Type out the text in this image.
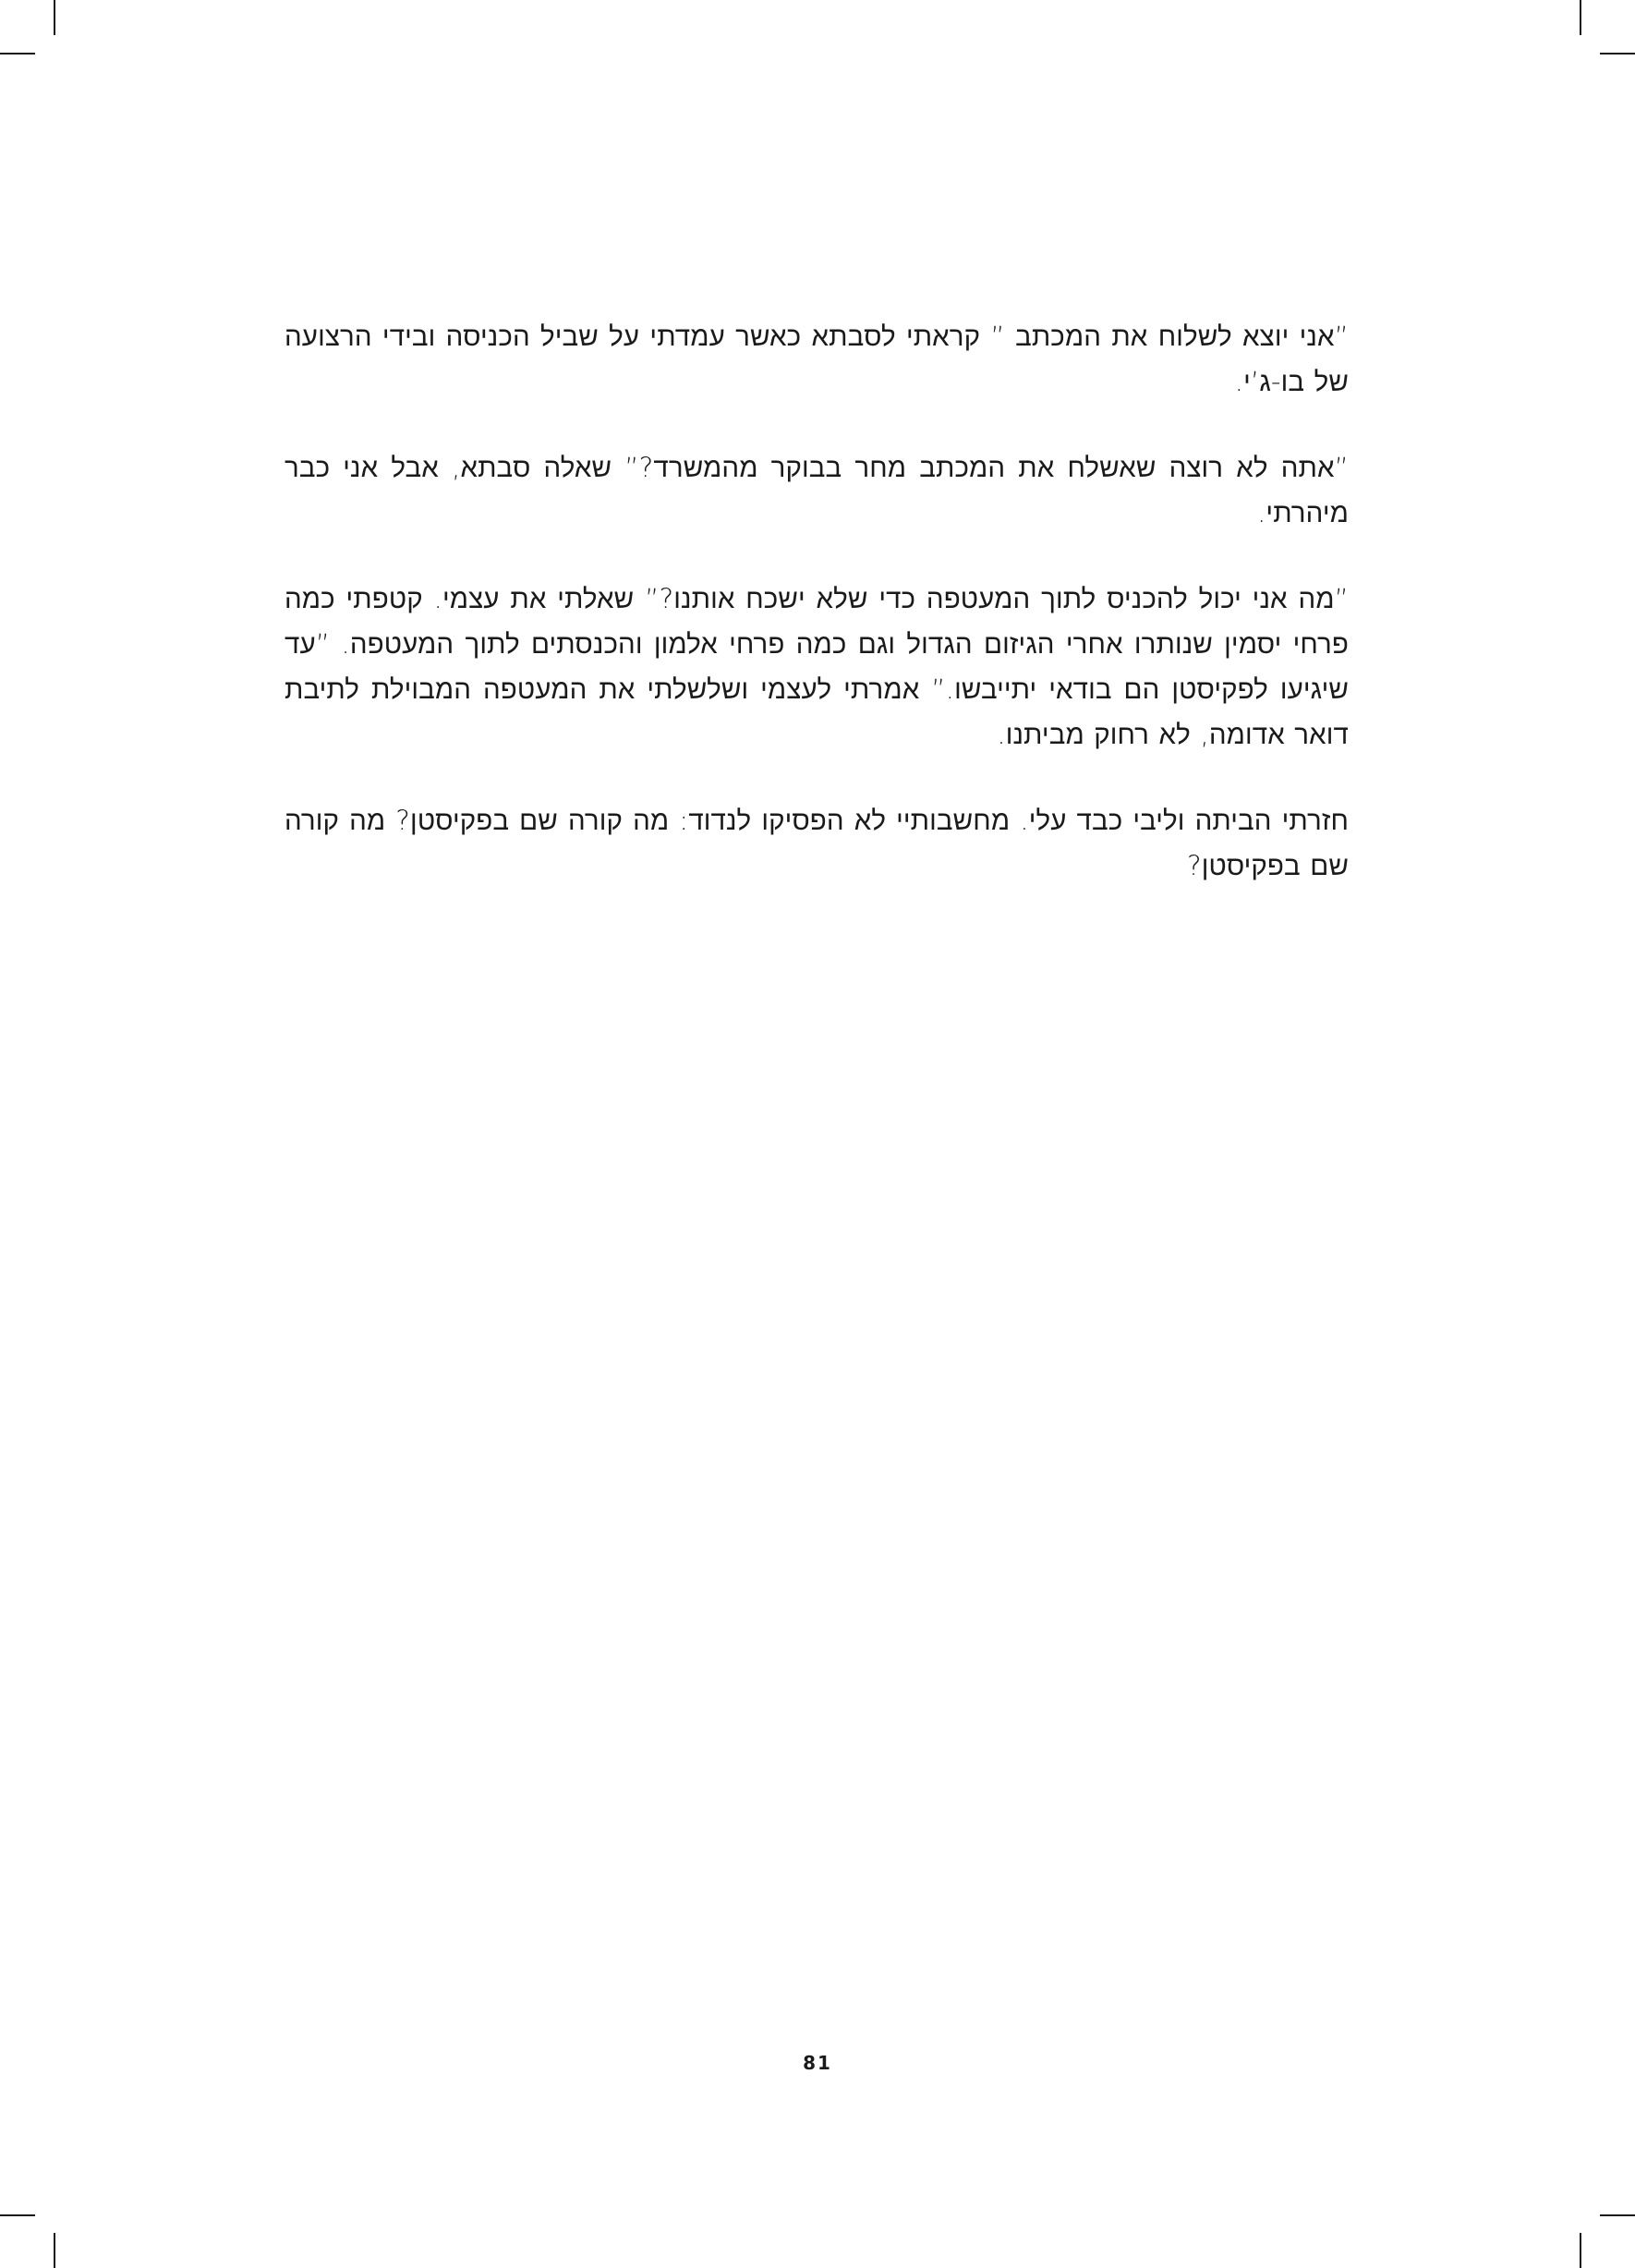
”אני יוצא לשלוח את המכתב ” קראתי לסבתא כאשר עמדתי על שביל הכניסה ובידי הרצועה של בו-ג’י.

”אתה לא רוצה שאשלח את המכתב מחר בבוקר מהמשרד?” שאלה סבתא, אבל אני כבר מיהרתי.

”מה אני יכול להכניס לתוך המעטפה כדי שלא ישכח אותנו?” שאלתי את עצמי. קטפתי כמה פרחי יסמין שנותרו אחרי הגיזום הגדול וגם כמה פרחי אלמון והכנסתים לתוך המעטפה. ”עד שיגיעו לפקיסטן הם בודאי יתייבשו.” אמרתי לעצמי ושלשלתי את המעטפה המבוילת לתיבת דואר אדומה, לא רחוק מביתנו.

חזרתי הביתה וליבי כבד עלי. מחשבותיי לא הפסיקו לנדוד: מה קורה שם בפקיסטן? מה קורה שם בפקיסטן?

81
